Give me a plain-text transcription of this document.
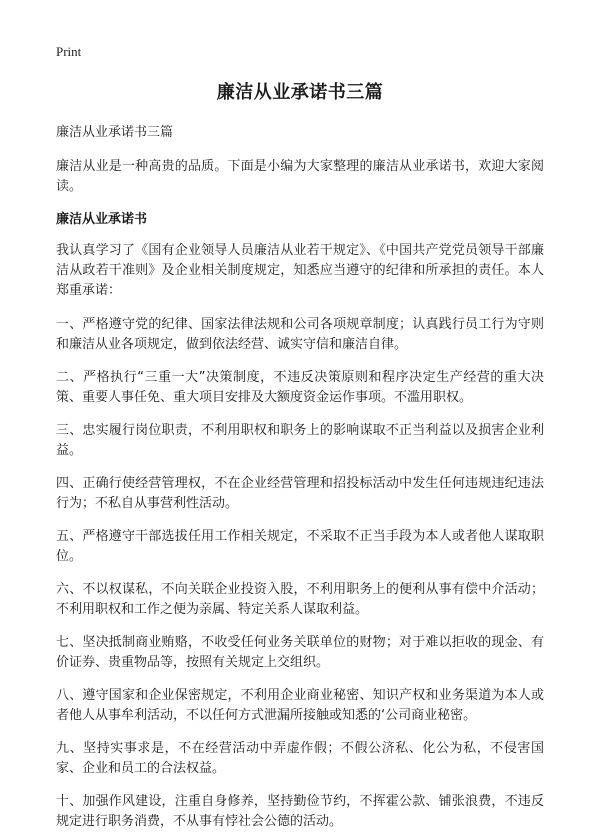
Print
廉洁从业承诺书三篇

廉洁从业承诺书三篇

廉洁从业是一种高贵的品质。下面是小编为大家整理的廉洁从业承诺书，欢迎大家阅读。

廉洁从业承诺书

我认真学习了《国有企业领导人员廉洁从业若干规定》、《中国共产党党员领导干部廉洁从政若干准则》及企业相关制度规定，知悉应当遵守的纪律和所承担的责任。本人郑重承诺：

一、严格遵守党的纪律、国家法律法规和公司各项规章制度；认真践行员工行为守则和廉洁从业各项规定，做到依法经营、诚实守信和廉洁自律。

二、严格执行“三重一大”决策制度，不违反决策原则和程序决定生产经营的重大决策、重要人事任免、重大项目安排及大额度资金运作事项。不滥用职权。

三、忠实履行岗位职责，不利用职权和职务上的影响谋取不正当利益以及损害企业利益。

四、正确行使经营管理权，不在企业经营管理和招投标活动中发生任何违规违纪违法行为；不私自从事营利性活动。

五、严格遵守干部选拔任用工作相关规定，不采取不正当手段为本人或者他人谋取职位。

六、不以权谋私，不向关联企业投资入股，不利用职务上的便利从事有偿中介活动；不利用职权和工作之便为亲属、特定关系人谋取利益。

七、坚决抵制商业贿赂，不收受任何业务关联单位的财物；对于难以拒收的现金、有价证券、贵重物品等，按照有关规定上交组织。

八、遵守国家和企业保密规定，不利用企业商业秘密、知识产权和业务渠道为本人或者他人从事牟利活动，不以任何方式泄漏所接触或知悉的‘公司商业秘密。

九、坚持实事求是，不在经营活动中弄虚作假；不假公济私、化公为私，不侵害国家、企业和员工的合法权益。

十、加强作风建设，注重自身修养，坚持勤俭节约，不挥霍公款、铺张浪费，不违反规定进行职务消费，不从事有悖社会公德的活动。
